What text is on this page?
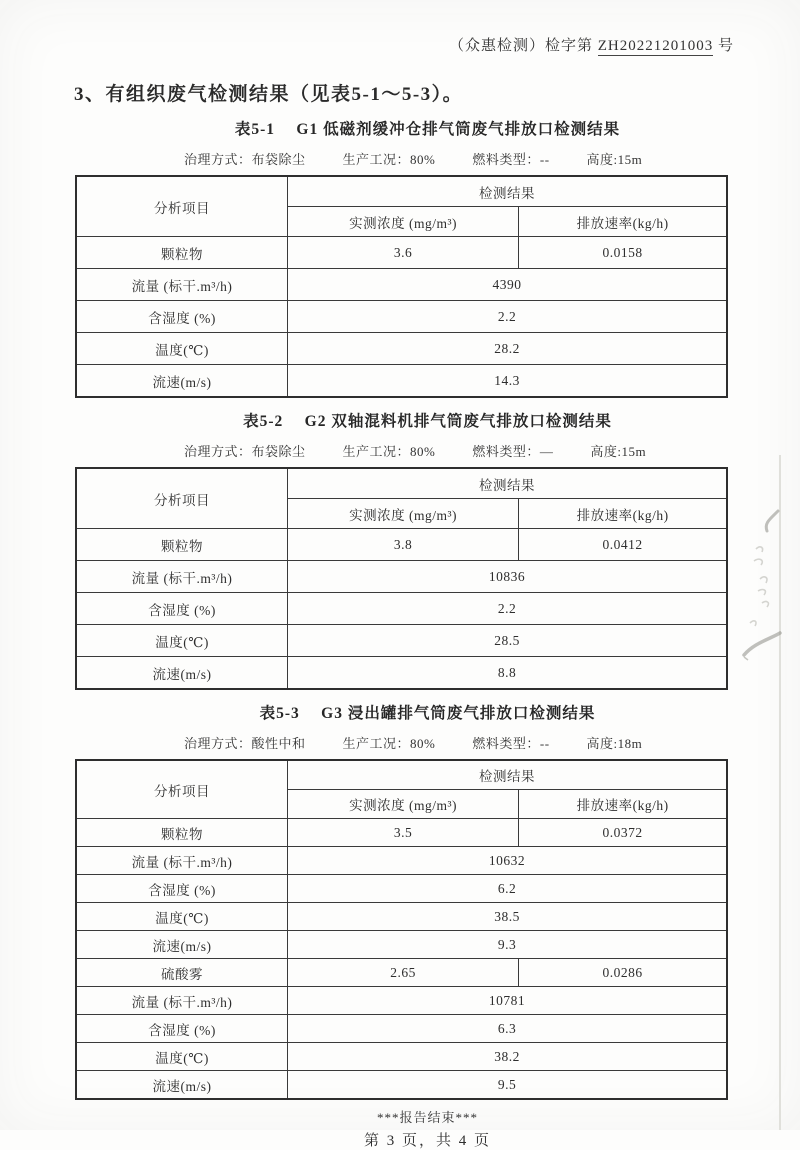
（众惠检测）检字第 ZH20221201003 号
3、有组织废气检测结果（见表5-1～5-3）。
表5-1　 G1 低磁剂缓冲仓排气筒废气排放口检测结果
治理方式：布袋除尘	生产工况：80%	燃料类型：--	高度:15m
分析项目	检测结果	
	实测浓度 (mg/m³)	排放速率(kg/h)
颗粒物	3.6	0.0158
流量 (标干.m³/h)	4390	
含湿度 (%)	2.2	
温度(℃)	28.2	
流速(m/s)	14.3	
表5-2　 G2 双轴混料机排气筒废气排放口检测结果
治理方式：布袋除尘	生产工况：80%	燃料类型：—	高度:15m
分析项目	检测结果	
	实测浓度 (mg/m³)	排放速率(kg/h)
颗粒物	3.8	0.0412
流量 (标干.m³/h)	10836	
含湿度 (%)	2.2	
温度(℃)	28.5	
流速(m/s)	8.8	
表5-3　 G3 浸出罐排气筒废气排放口检测结果
治理方式：酸性中和	生产工况：80%	燃料类型：--	高度:18m
分析项目	检测结果	
	实测浓度 (mg/m³)	排放速率(kg/h)
颗粒物	3.5	0.0372
流量 (标干.m³/h)	10632	
含湿度 (%)	6.2	
温度(℃)	38.5	
流速(m/s)	9.3	
硫酸雾	2.65	0.0286
流量 (标干.m³/h)	10781	
含湿度 (%)	6.3	
温度(℃)	38.2	
流速(m/s)	9.5	
***报告结束***
第 3 页，共 4 页
